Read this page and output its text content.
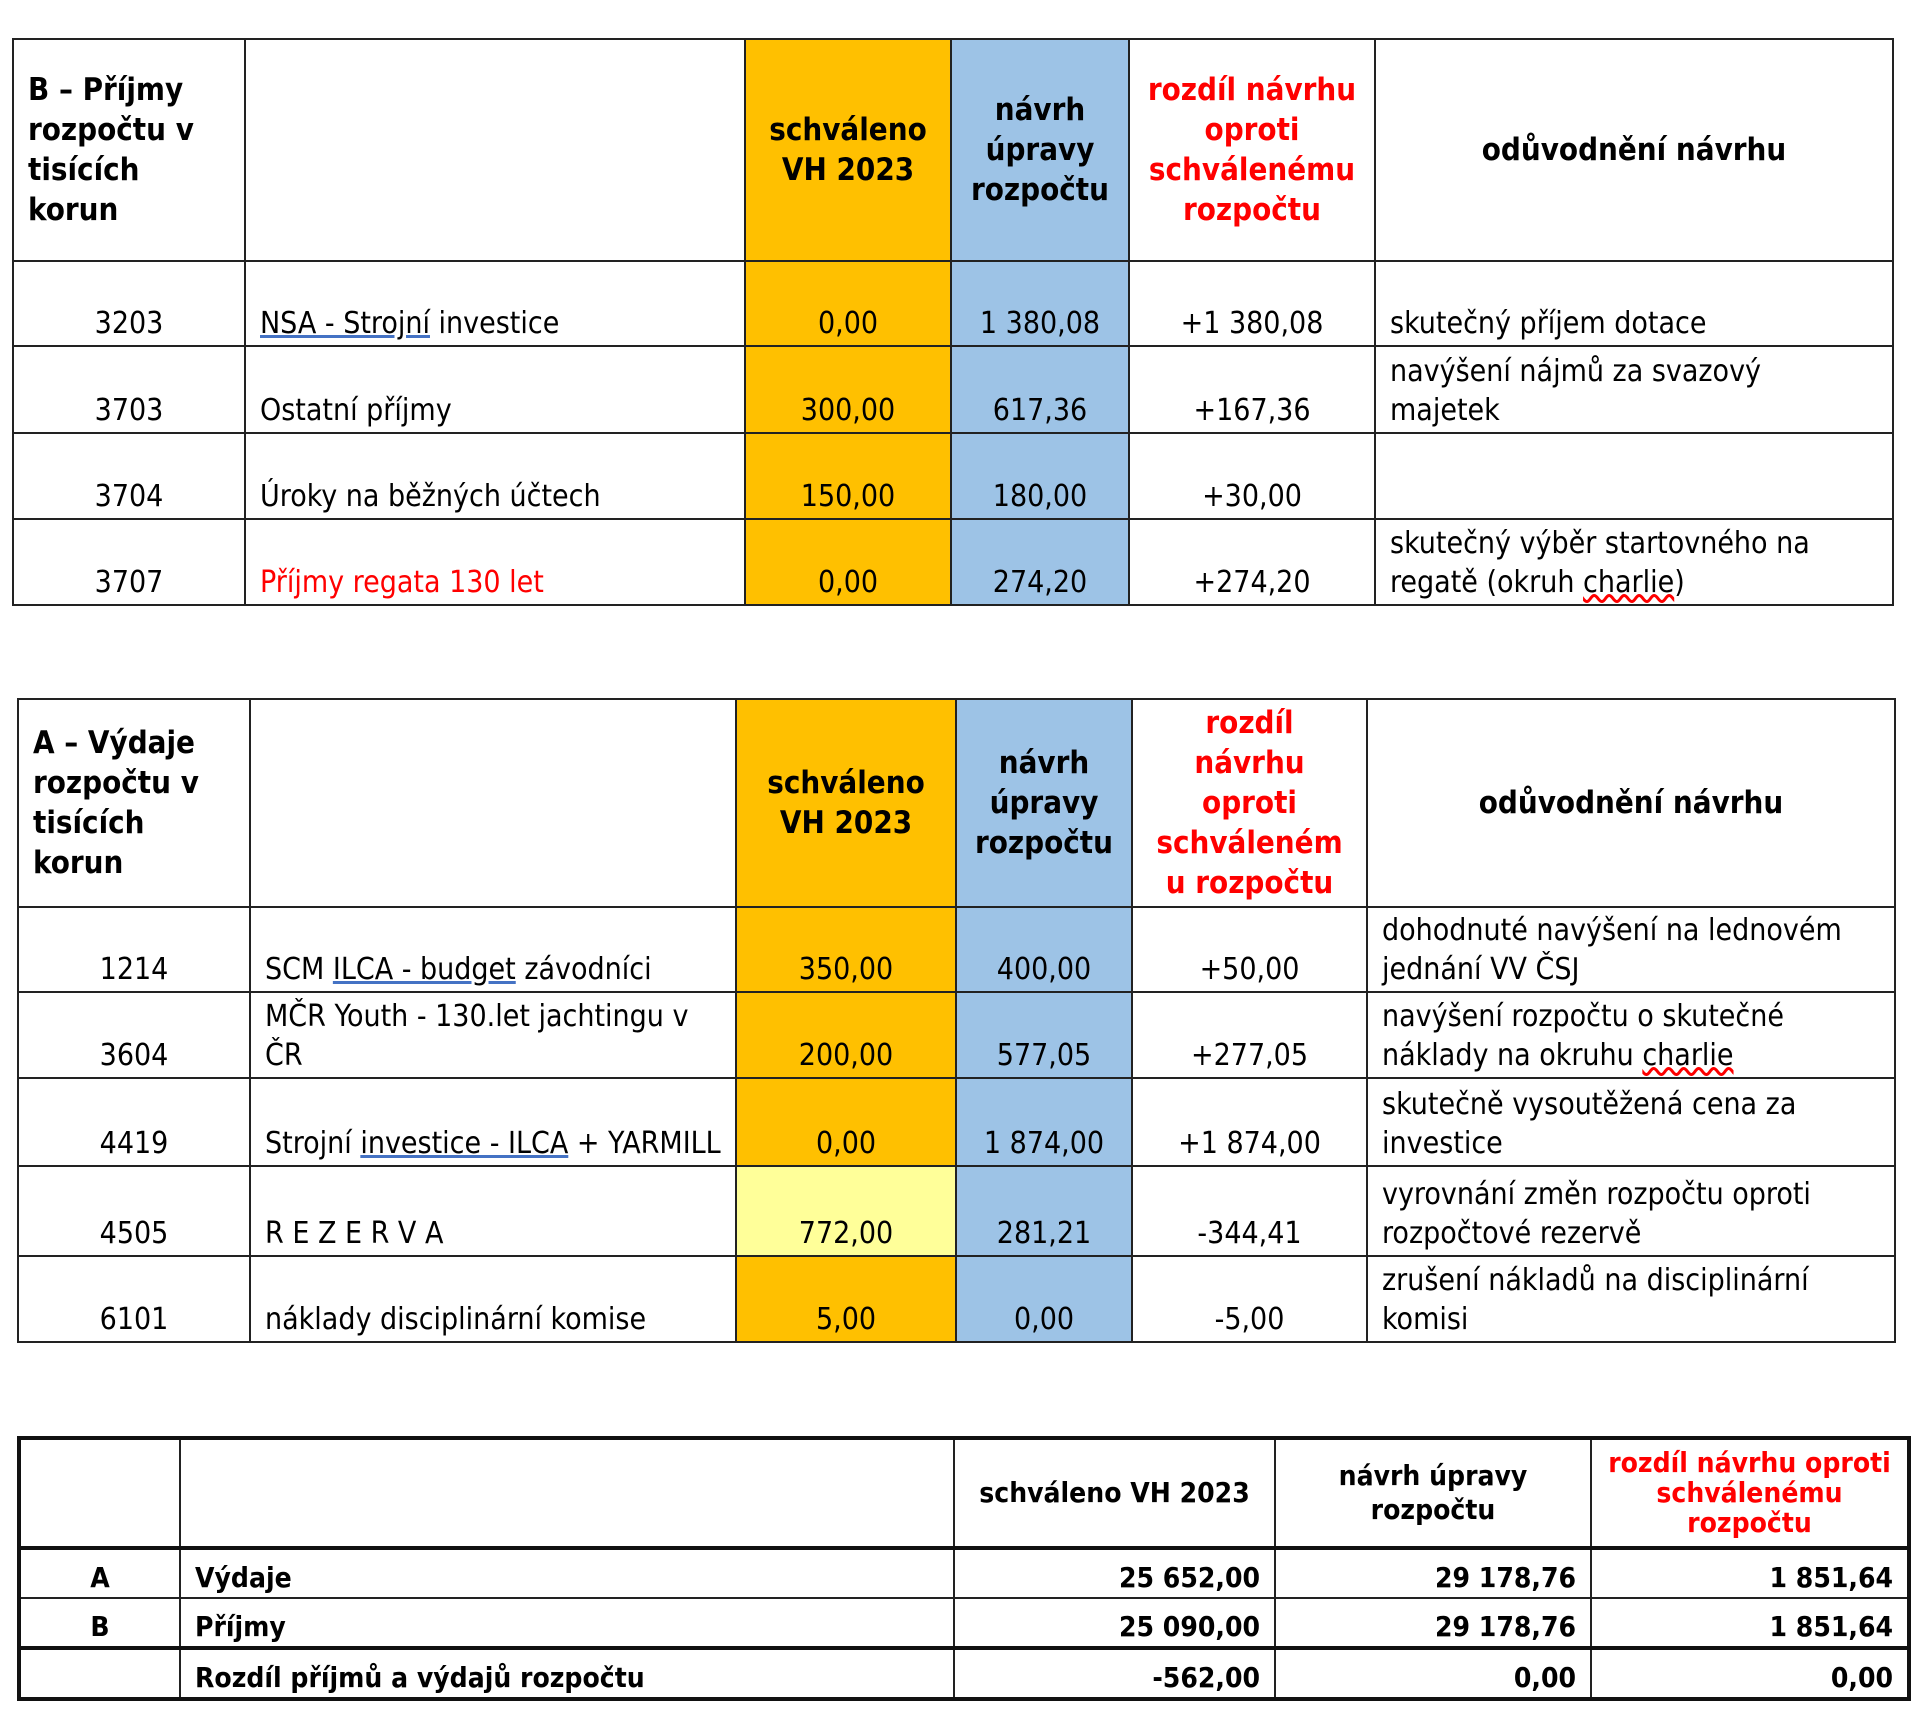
B – Příjmy rozpočtu v tisících korun		schváleno VH 2023	návrh úpravy rozpočtu	rozdíl návrhu oproti schválenému rozpočtu	odůvodnění návrhu
3203	NSA - Strojní investice	0,00	1 380,08	+1 380,08	skutečný příjem dotace
3703	Ostatní příjmy	300,00	617,36	+167,36	navýšení nájmů za svazový majetek
3704	Úroky na běžných účtech	150,00	180,00	+30,00	
3707	Příjmy regata 130 let	0,00	274,20	+274,20	skutečný výběr startovného na regatě (okruh charlie)
A – Výdaje rozpočtu v tisících korun		schváleno VH 2023	návrh úpravy rozpočtu	rozdíl návrhu oproti schváleném u rozpočtu	odůvodnění návrhu
1214	SCM ILCA - budget závodníci	350,00	400,00	+50,00	dohodnuté navýšení na lednovém jednání VV ČSJ
3604	MČR Youth - 130.let jachtingu v ČR	200,00	577,05	+277,05	navýšení rozpočtu o skutečné náklady na okruhu charlie
4419	Strojní investice - ILCA + YARMILL	0,00	1 874,00	+1 874,00	skutečně vysoutěžená cena za investice
4505	R E Z E R V A	772,00	281,21	-344,41	vyrovnání změn rozpočtu oproti rozpočtové rezervě
6101	náklady disciplinární komise	5,00	0,00	-5,00	zrušení nákladů na disciplinární komisi
		schváleno VH 2023	návrh úpravy rozpočtu	rozdíl návrhu oproti schválenému rozpočtu
A	Výdaje	25 652,00	29 178,76	1 851,64
B	Příjmy	25 090,00	29 178,76	1 851,64
	Rozdíl příjmů a výdajů rozpočtu	-562,00	0,00	0,00
